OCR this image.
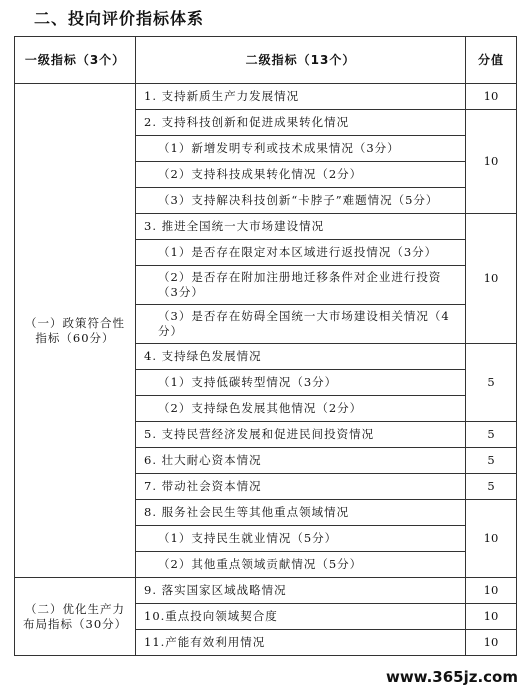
二、投向评价指标体系
一级指标（3个）	二级指标（13个）	分值
（一）政策符合性指标（60分）	1. 支持新质生产力发展情况	10
	2. 支持科技创新和促进成果转化情况	10
	（1）新增发明专利或技术成果情况（3分）	
	（2）支持科技成果转化情况（2分）	
	（3）支持解决科技创新“卡脖子”难题情况（5分）	
	3. 推进全国统一大市场建设情况	10
	（1）是否存在限定对本区域进行返投情况（3分）	
	（2）是否存在附加注册地迁移条件对企业进行投资（3分）	
	（3）是否存在妨碍全国统一大市场建设相关情况（4分）	
	4. 支持绿色发展情况	5
	（1）支持低碳转型情况（3分）	
	（2）支持绿色发展其他情况（2分）	
	5. 支持民营经济发展和促进民间投资情况	5
	6. 壮大耐心资本情况	5
	7. 带动社会资本情况	5
	8. 服务社会民生等其他重点领域情况	10
	（1）支持民生就业情况（5分）	
	（2）其他重点领域贡献情况（5分）	
（二）优化生产力布局指标（30分）	9. 落实国家区域战略情况	10
	10.重点投向领域契合度	10
	11.产能有效利用情况	10
www.365jz.com
